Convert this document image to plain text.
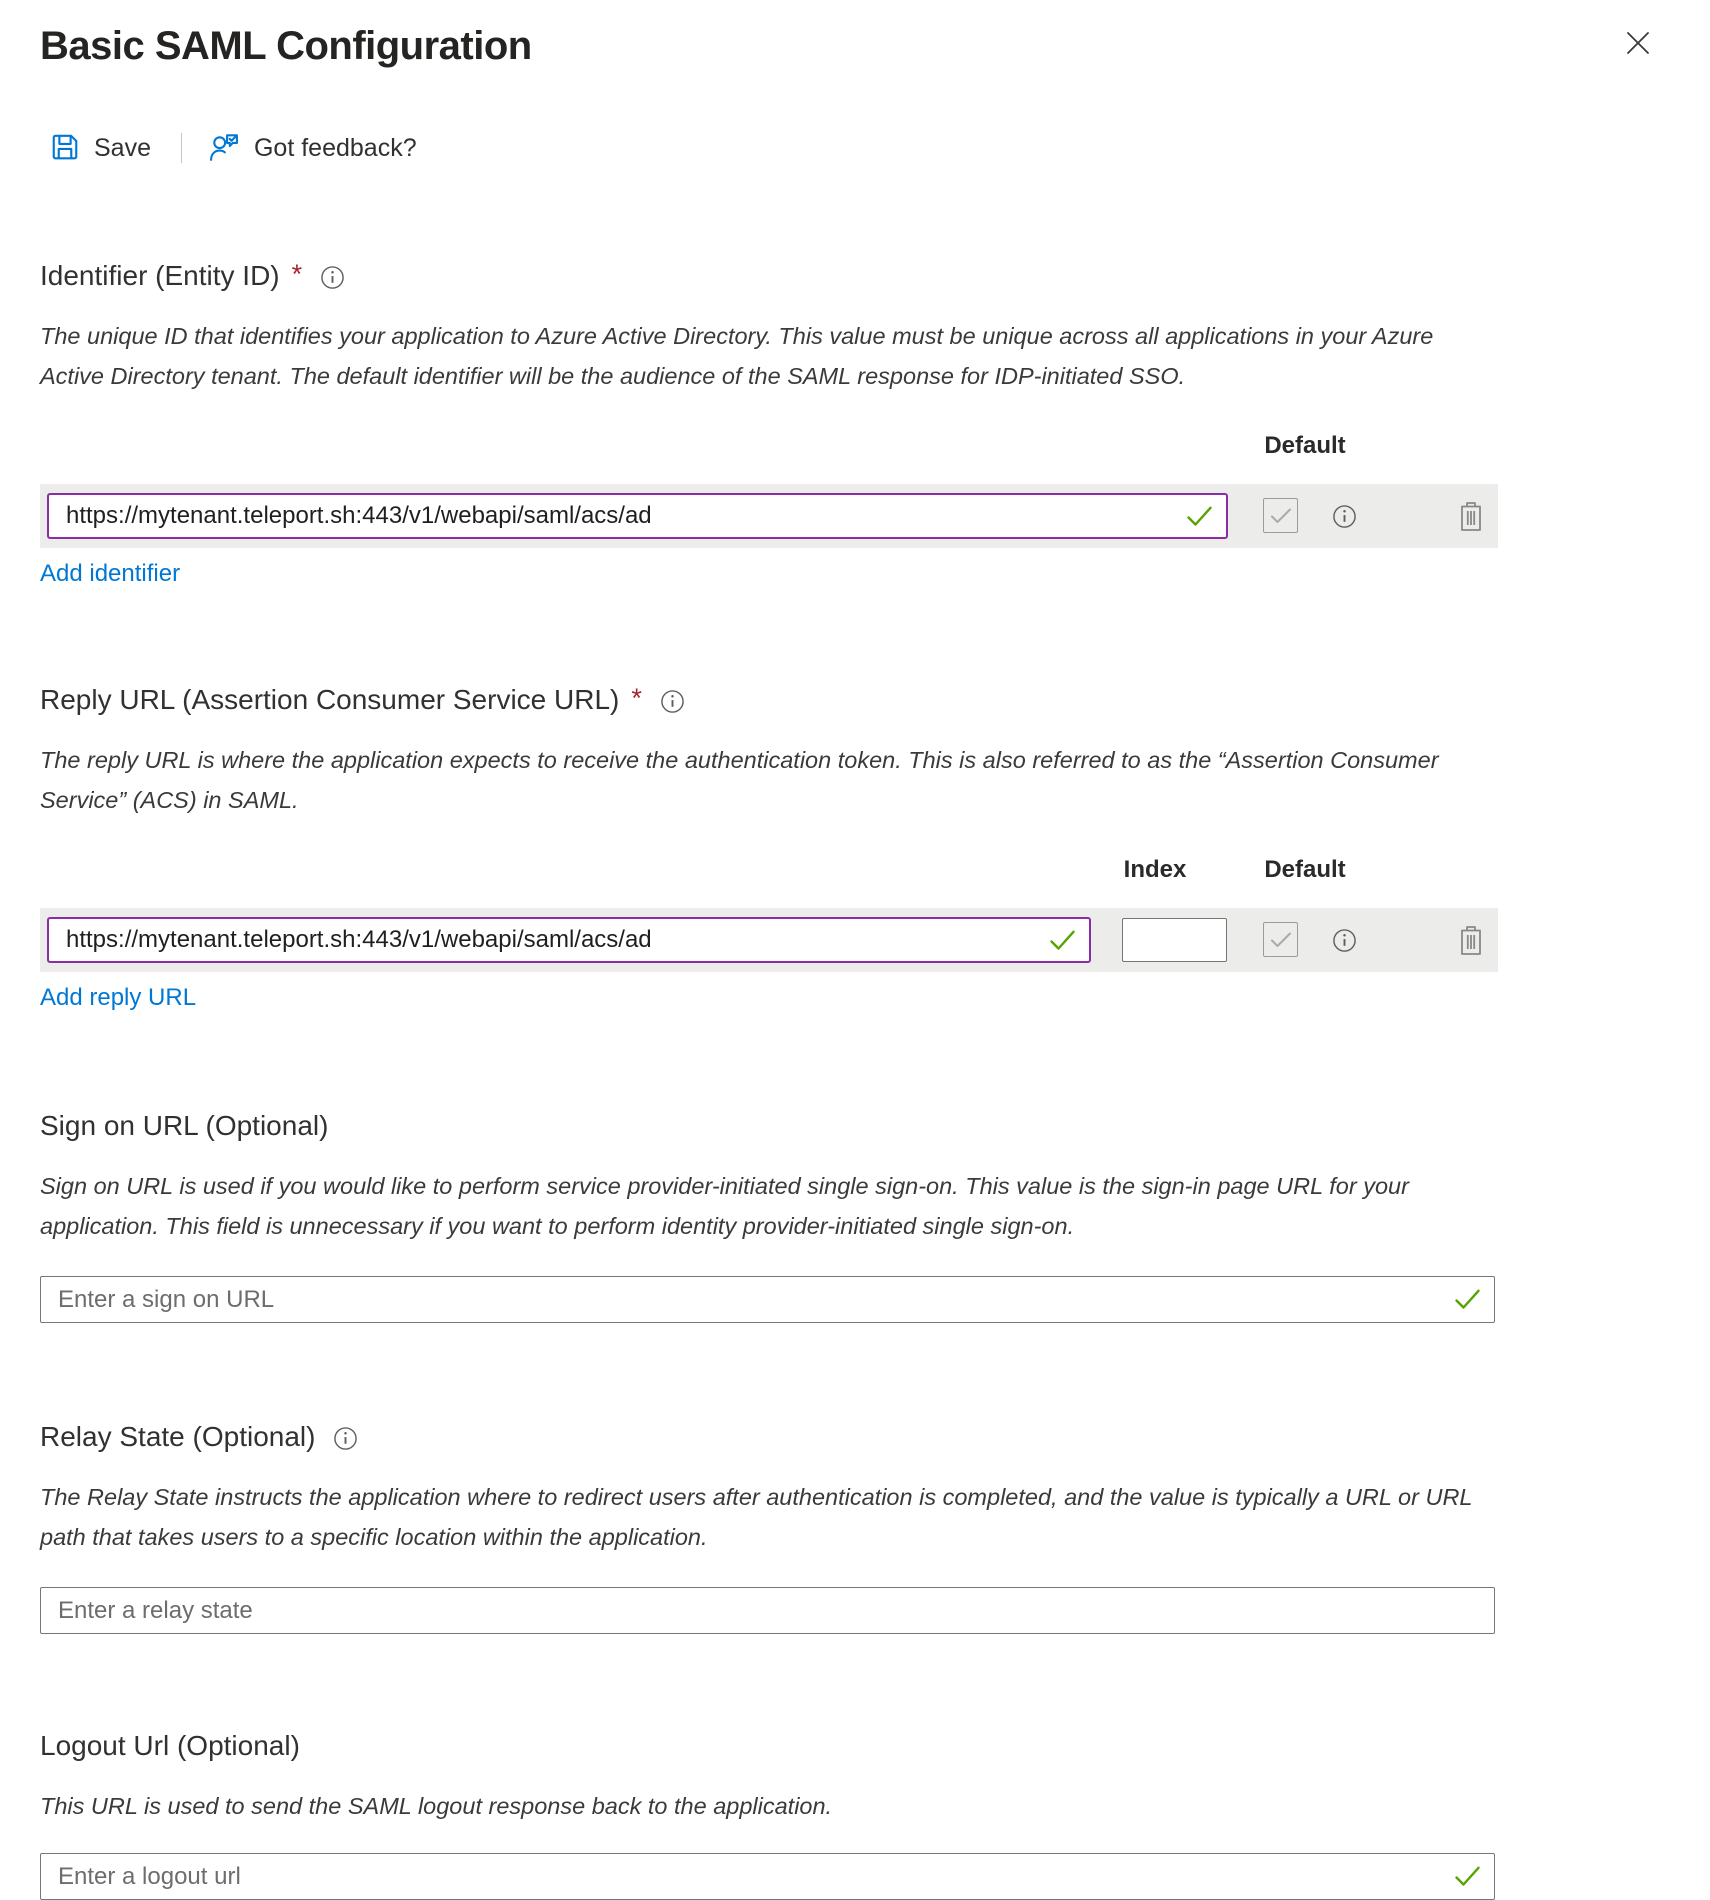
Basic SAML Configuration
Save	Got feedback?
Identifier (Entity ID) *

The unique ID that identifies your application to Azure Active Directory. This value must be unique across all applications in your Azure Active Directory tenant. The default identifier will be the audience of the SAML response for IDP-initiated SSO.

Default
https://mytenant.teleport.sh:443/v1/webapi/saml/acs/ad
Add identifier
Reply URL (Assertion Consumer Service URL) *

The reply URL is where the application expects to receive the authentication token. This is also referred to as the “Assertion Consumer Service” (ACS) in SAML.

Index	Default
https://mytenant.teleport.sh:443/v1/webapi/saml/acs/ad
Add reply URL
Sign on URL (Optional)

Sign on URL is used if you would like to perform service provider-initiated single sign-on. This value is the sign-in page URL for your application. This field is unnecessary if you want to perform identity provider-initiated single sign-on.

Enter a sign on URL
Relay State (Optional)

The Relay State instructs the application where to redirect users after authentication is completed, and the value is typically a URL or URL path that takes users to a specific location within the application.

Enter a relay state
Logout Url (Optional)

This URL is used to send the SAML logout response back to the application.

Enter a logout url
